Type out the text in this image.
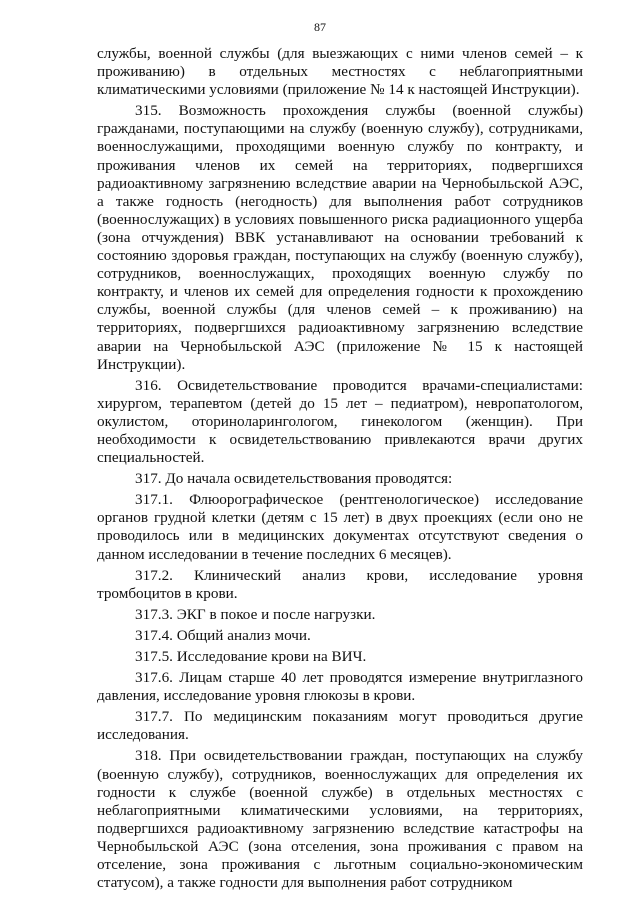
87

службы, военной службы (для выезжающих с ними членов семей – к проживанию) в отдельных местностях с неблагоприятными климатическими условиями (приложение № 14 к настоящей Инструкции).

315. Возможность прохождения службы (военной службы) гражданами, поступающими на службу (военную службу), сотрудниками, военнослужащими, проходящими военную службу по контракту, и проживания членов их семей на территориях, подвергшихся радиоактивному загрязнению вследствие аварии на Чернобыльской АЭС, а также годность (негодность) для выполнения работ сотрудников (военнослужащих) в условиях повышенного риска радиационного ущерба (зона отчуждения) ВВК устанавливают на основании требований к состоянию здоровья граждан, поступающих на службу (военную службу), сотрудников, военнослужащих, проходящих военную службу по контракту, и членов их семей для определения годности к прохождению службы, военной службы (для членов семей – к проживанию) на территориях, подвергшихся радиоактивному загрязнению вследствие аварии на Чернобыльской АЭС (приложение № 15 к настоящей Инструкции).

316. Освидетельствование проводится врачами-специалистами: хирургом, терапевтом (детей до 15 лет – педиатром), невропатологом, окулистом, оториноларингологом, гинекологом (женщин). При необходимости к освидетельствованию привлекаются врачи других специальностей.

317. До начала освидетельствования проводятся:

317.1. Флюорографическое (рентгенологическое) исследование органов грудной клетки (детям с 15 лет) в двух проекциях (если оно не проводилось или в медицинских документах отсутствуют сведения о данном исследовании в течение последних 6 месяцев).

317.2. Клинический анализ крови, исследование уровня тромбоцитов в крови.

317.3. ЭКГ в покое и после нагрузки.

317.4. Общий анализ мочи.

317.5. Исследование крови на ВИЧ.

317.6. Лицам старше 40 лет проводятся измерение внутриглазного давления, исследование уровня глюкозы в крови.

317.7. По медицинским показаниям могут проводиться другие исследования.

318. При освидетельствовании граждан, поступающих на службу (военную службу), сотрудников, военнослужащих для определения их годности к службе (военной службе) в отдельных местностях с неблагоприятными климатическими условиями, на территориях, подвергшихся радиоактивному загрязнению вследствие катастрофы на Чернобыльской АЭС (зона отселения, зона проживания с правом на отселение, зона проживания с льготным социально-экономическим статусом), а также годности для выполнения работ сотрудником
